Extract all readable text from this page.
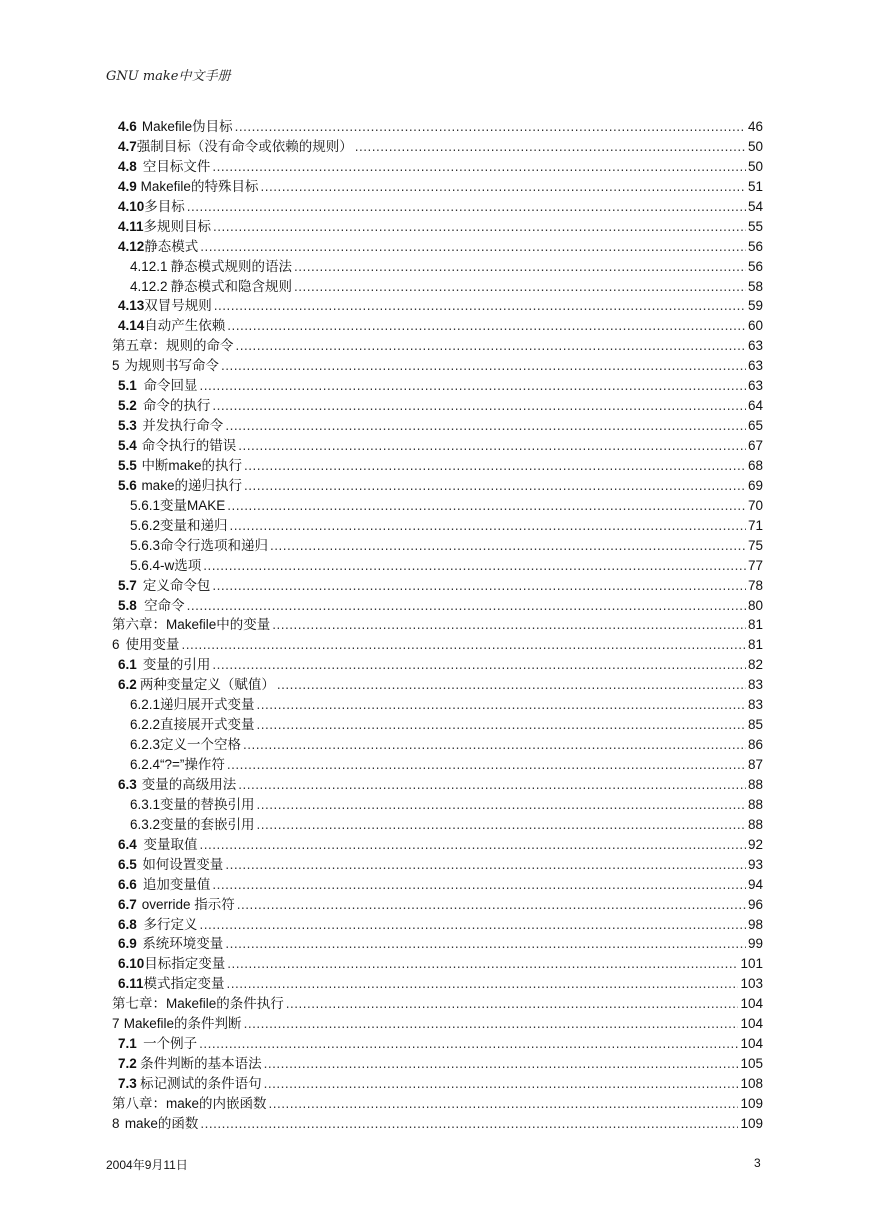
GNU make中文手册
4.6 Makefile伪目标 .....	46
4.7 强制目标（没有命令或依赖的规则） .....	50
4.8 空目标文件 .....	50
4.9 Makefile的特殊目标 .....	51
4.10 多目标 .....	54
4.11 多规则目标 .....	55
4.12 静态模式 .....	56
4.12.1 静态模式规则的语法 .....	56
4.12.2 静态模式和隐含规则 .....	58
4.13 双冒号规则 .....	59
4.14 自动产生依赖 .....	60
第五章：规则的命令 .....	63
5 为规则书写命令 .....	63
5.1 命令回显 .....	63
5.2 命令的执行 .....	64
5.3 并发执行命令 .....	65
5.4 命令执行的错误 .....	67
5.5 中断make的执行 .....	68
5.6 make的递归执行 .....	69
5.6.1 变量MAKE .....	70
5.6.2 变量和递归 .....	71
5.6.3 命令行选项和递归 .....	75
5.6.4 -w选项 .....	77
5.7 定义命令包 .....	78
5.8 空命令 .....	80
第六章：Makefile中的变量 .....	81
6 使用变量 .....	81
6.1 变量的引用 .....	82
6.2 两种变量定义（赋值） .....	83
6.2.1 递归展开式变量 .....	83
6.2.2 直接展开式变量 .....	85
6.2.3 定义一个空格 .....	86
6.2.4 “?=”操作符 .....	87
6.3 变量的高级用法 .....	88
6.3.1 变量的替换引用 .....	88
6.3.2 变量的套嵌引用 .....	88
6.4 变量取值 .....	92
6.5 如何设置变量 .....	93
6.6 追加变量值 .....	94
6.7 override 指示符 .....	96
6.8 多行定义 .....	98
6.9 系统环境变量 .....	99
6.10 目标指定变量 .....	101
6.11 模式指定变量 .....	103
第七章：Makefile的条件执行 .....	104
7 Makefile的条件判断 .....	104
7.1 一个例子 .....	104
7.2 条件判断的基本语法 .....	105
7.3 标记测试的条件语句 .....	108
第八章：make的内嵌函数 .....	109
8 make的函数 .....	109
2004年9月11日	3
